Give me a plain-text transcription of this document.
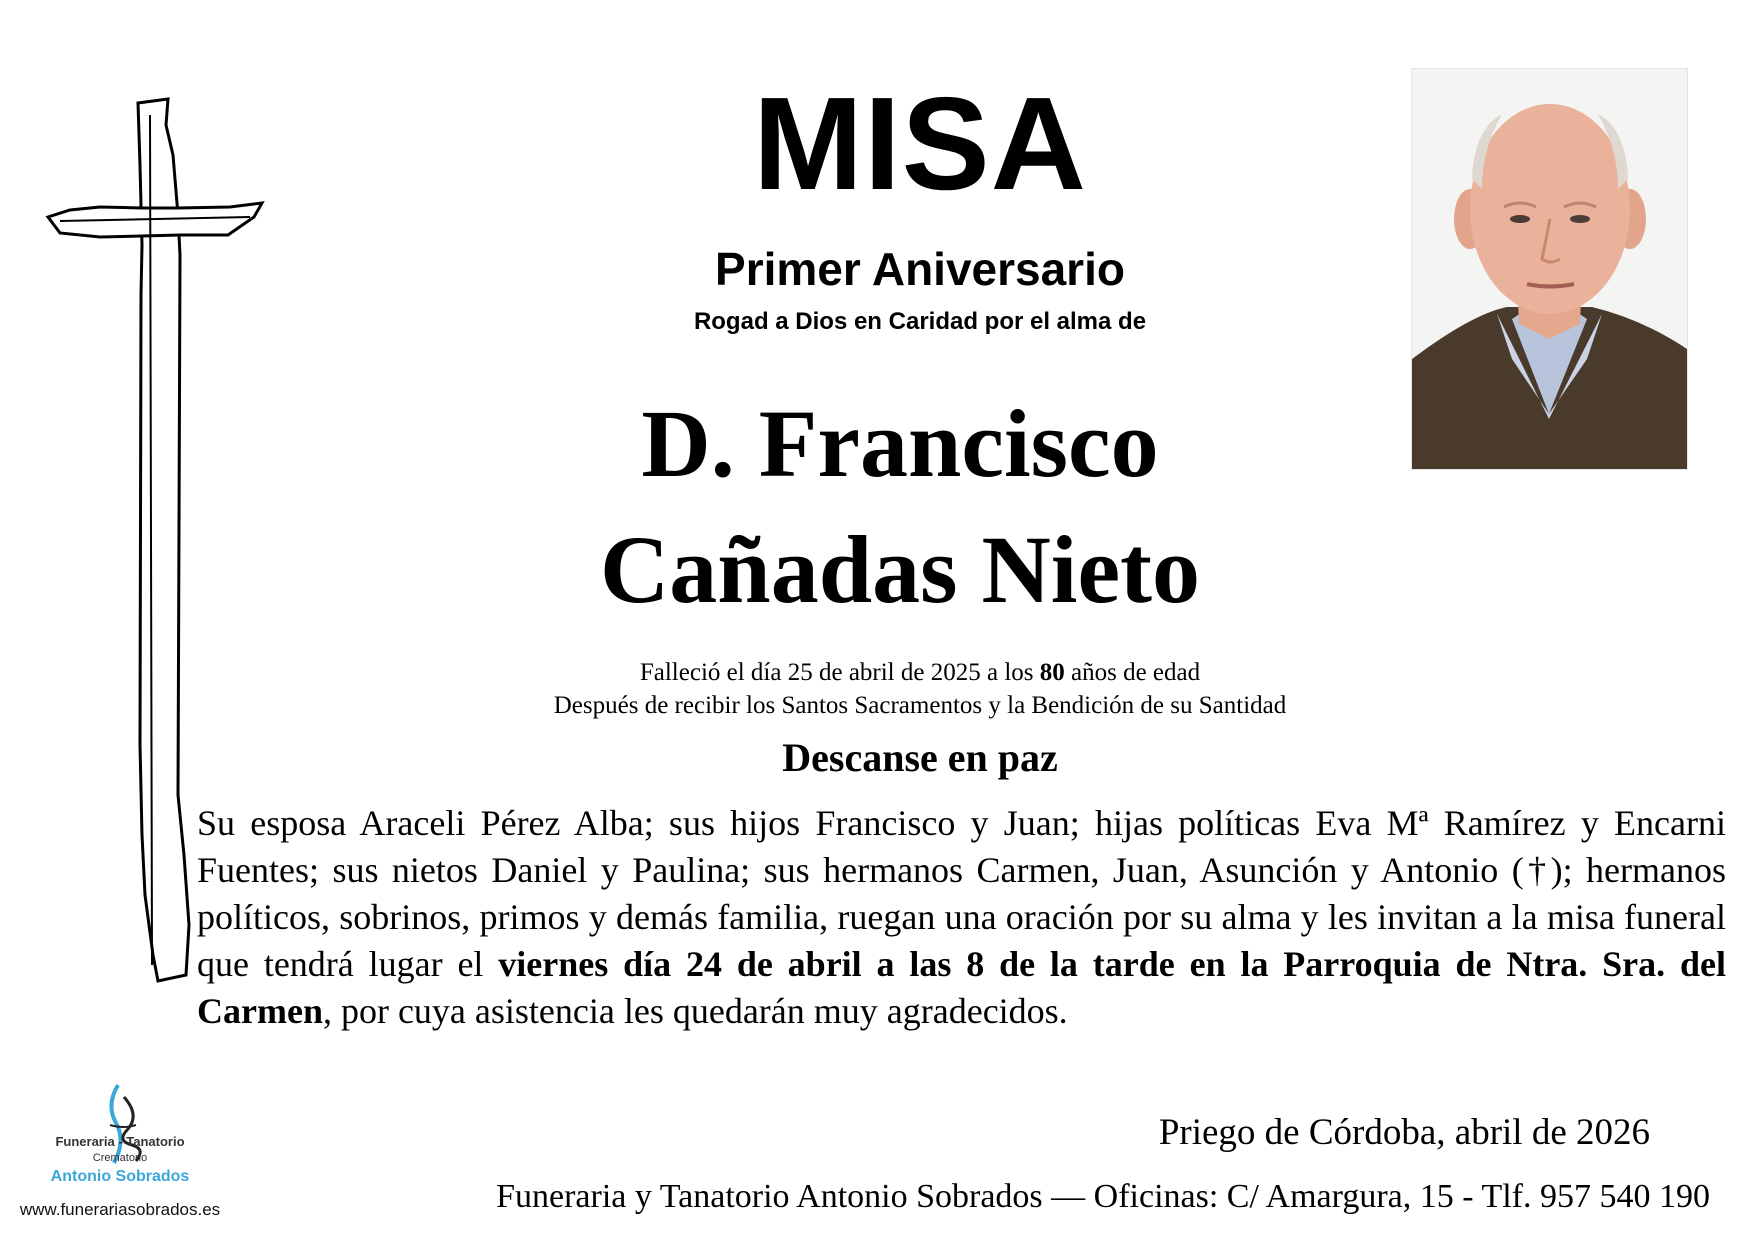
MISA
Primer Aniversario
Rogad a Dios en Caridad por el alma de
D. Francisco
Cañadas Nieto
Falleció el día 25 de abril de 2025 a los 80 años de edad
Después de recibir los Santos Sacramentos y la Bendición de su Santidad
Descanse en paz
Su esposa Araceli Pérez Alba; sus hijos Francisco y Juan; hijas políticas Eva Mª Ramírez y Encarni Fuentes; sus nietos Daniel y Paulina; sus hermanos Carmen, Juan, Asunción y Antonio (†); hermanos políticos, sobrinos, primos y demás familia, ruegan una oración por su alma y les invitan a la misa funeral que tendrá lugar el viernes día 24 de abril a las 8 de la tarde en la Parroquia de Ntra. Sra. del Carmen, por cuya asistencia les quedarán muy agradecidos.
Priego de Córdoba, abril de 2026
Funeraria y Tanatorio Antonio Sobrados — Oficinas: C/ Amargura, 15 - Tlf. 957 540 190
Funeraria - Tanatorio
Crematorio
Antonio Sobrados
www.funerariasobrados.es
